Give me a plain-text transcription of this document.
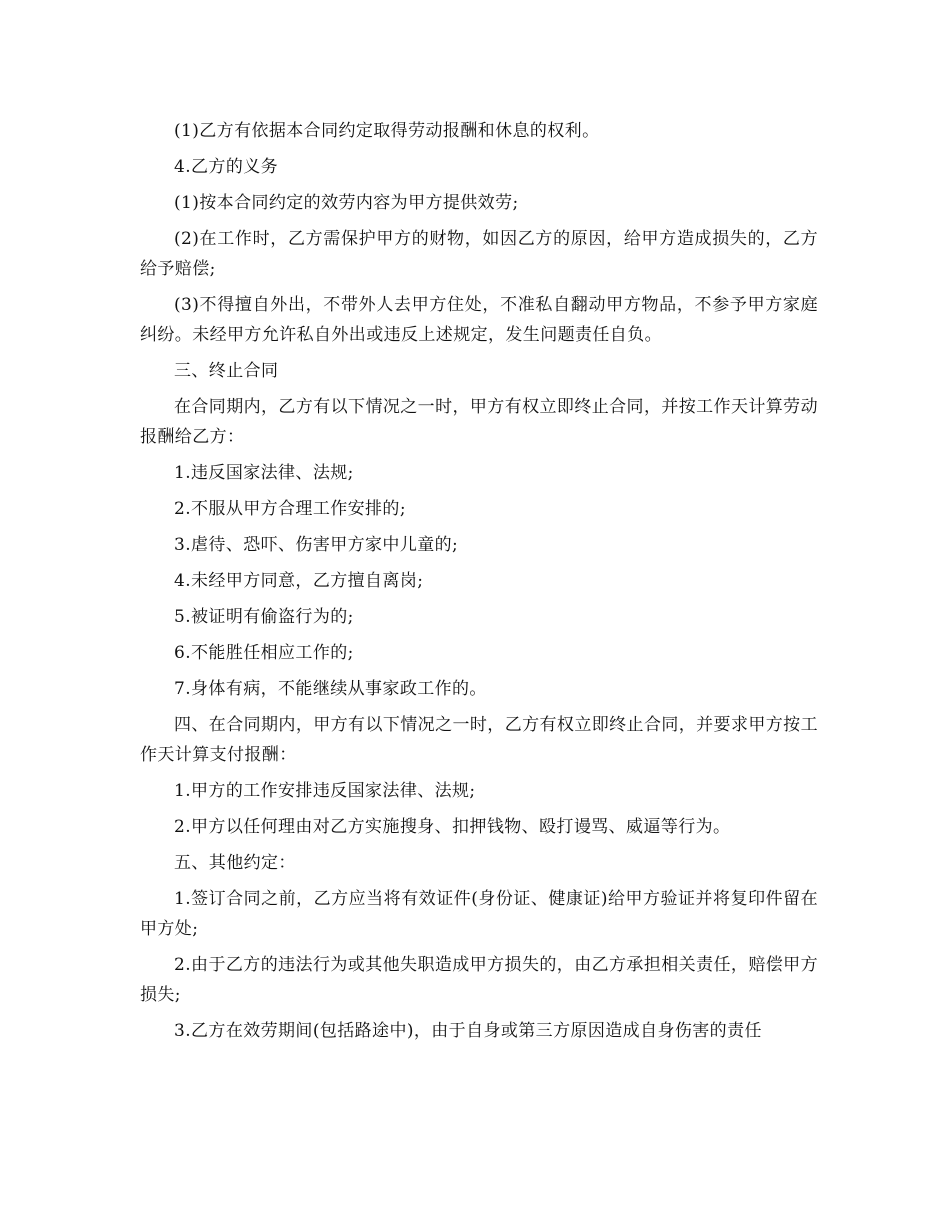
(1)乙方有依据本合同约定取得劳动报酬和休息的权利。

4.乙方的义务

(1)按本合同约定的效劳内容为甲方提供效劳;

(2)在工作时，乙方需保护甲方的财物，如因乙方的原因，给甲方造成损失的，乙方给予赔偿;

(3)不得擅自外出，不带外人去甲方住处，不准私自翻动甲方物品，不参予甲方家庭纠纷。未经甲方允许私自外出或违反上述规定，发生问题责任自负。

三、终止合同

在合同期内，乙方有以下情况之一时，甲方有权立即终止合同，并按工作天计算劳动报酬给乙方：

1.违反国家法律、法规;

2.不服从甲方合理工作安排的;

3.虐待、恐吓、伤害甲方家中儿童的;

4.未经甲方同意，乙方擅自离岗;

5.被证明有偷盗行为的;

6.不能胜任相应工作的;

7.身体有病，不能继续从事家政工作的。

四、在合同期内，甲方有以下情况之一时，乙方有权立即终止合同，并要求甲方按工作天计算支付报酬：

1.甲方的工作安排违反国家法律、法规;

2.甲方以任何理由对乙方实施搜身、扣押钱物、殴打谩骂、威逼等行为。

五、其他约定：

1.签订合同之前，乙方应当将有效证件(身份证、健康证)给甲方验证并将复印件留在甲方处;

2.由于乙方的违法行为或其他失职造成甲方损失的，由乙方承担相关责任，赔偿甲方损失;

3.乙方在效劳期间(包括路途中)，由于自身或第三方原因造成自身伤害的责任
